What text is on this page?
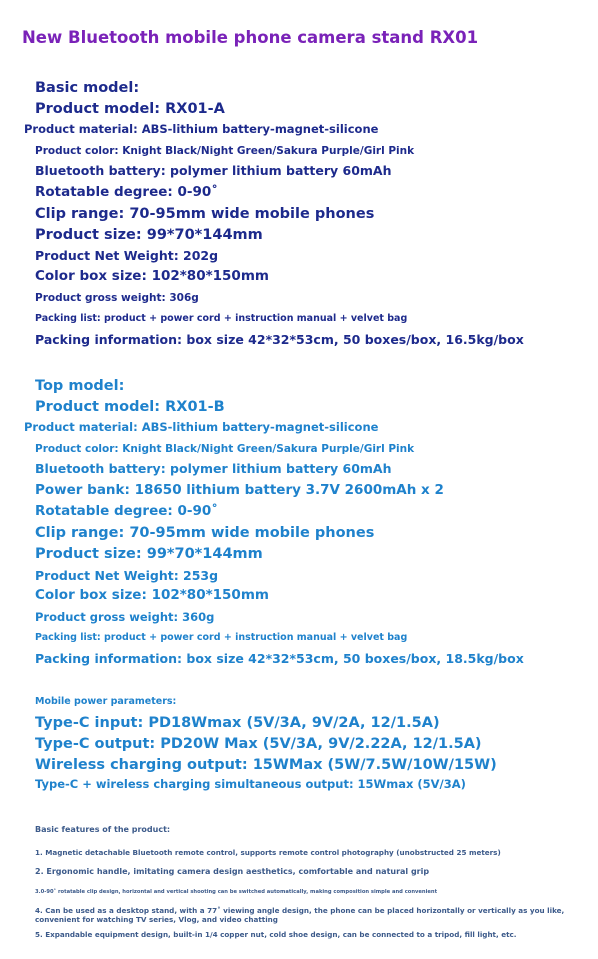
New Bluetooth mobile phone camera stand RX01
Basic model:
Product model: RX01-A
Product material: ABS-lithium battery-magnet-silicone
Product color: Knight Black/Night Green/Sakura Purple/Girl Pink
Bluetooth battery: polymer lithium battery 60mAh
Rotatable degree: 0-90˚
Clip range: 70-95mm wide mobile phones
Product size: 99*70*144mm
Product Net Weight: 202g
Color box size: 102*80*150mm
Product gross weight: 306g
Packing list: product + power cord + instruction manual + velvet bag
Packing information: box size 42*32*53cm, 50 boxes/box, 16.5kg/box
Top model:
Product model: RX01-B
Product material: ABS-lithium battery-magnet-silicone
Product color: Knight Black/Night Green/Sakura Purple/Girl Pink
Bluetooth battery: polymer lithium battery 60mAh
Power bank: 18650 lithium battery 3.7V 2600mAh x 2
Rotatable degree: 0-90˚
Clip range: 70-95mm wide mobile phones
Product size: 99*70*144mm
Product Net Weight: 253g
Color box size: 102*80*150mm
Product gross weight: 360g
Packing list: product + power cord + instruction manual + velvet bag
Packing information: box size 42*32*53cm, 50 boxes/box, 18.5kg/box
Mobile power parameters:
Type-C input: PD18Wmax (5V/3A, 9V/2A, 12/1.5A)
Type-C output: PD20W Max (5V/3A, 9V/2.22A, 12/1.5A)
Wireless charging output: 15WMax (5W/7.5W/10W/15W)
Type-C + wireless charging simultaneous output: 15Wmax (5V/3A)
Basic features of the product:
1. Magnetic detachable Bluetooth remote control, supports remote control photography (unobstructed 25 meters)
2. Ergonomic handle, imitating camera design aesthetics, comfortable and natural grip
3.0-90˚ rotatable clip design, horizontal and vertical shooting can be switched automatically, making composition simple and convenient
4. Can be used as a desktop stand, with a 77˚ viewing angle design, the phone can be placed horizontally or vertically as you like, convenient for watching TV series, Vlog, and video chatting
5. Expandable equipment design, built-in 1/4 copper nut, cold shoe design, can be connected to a tripod, fill light, etc.
